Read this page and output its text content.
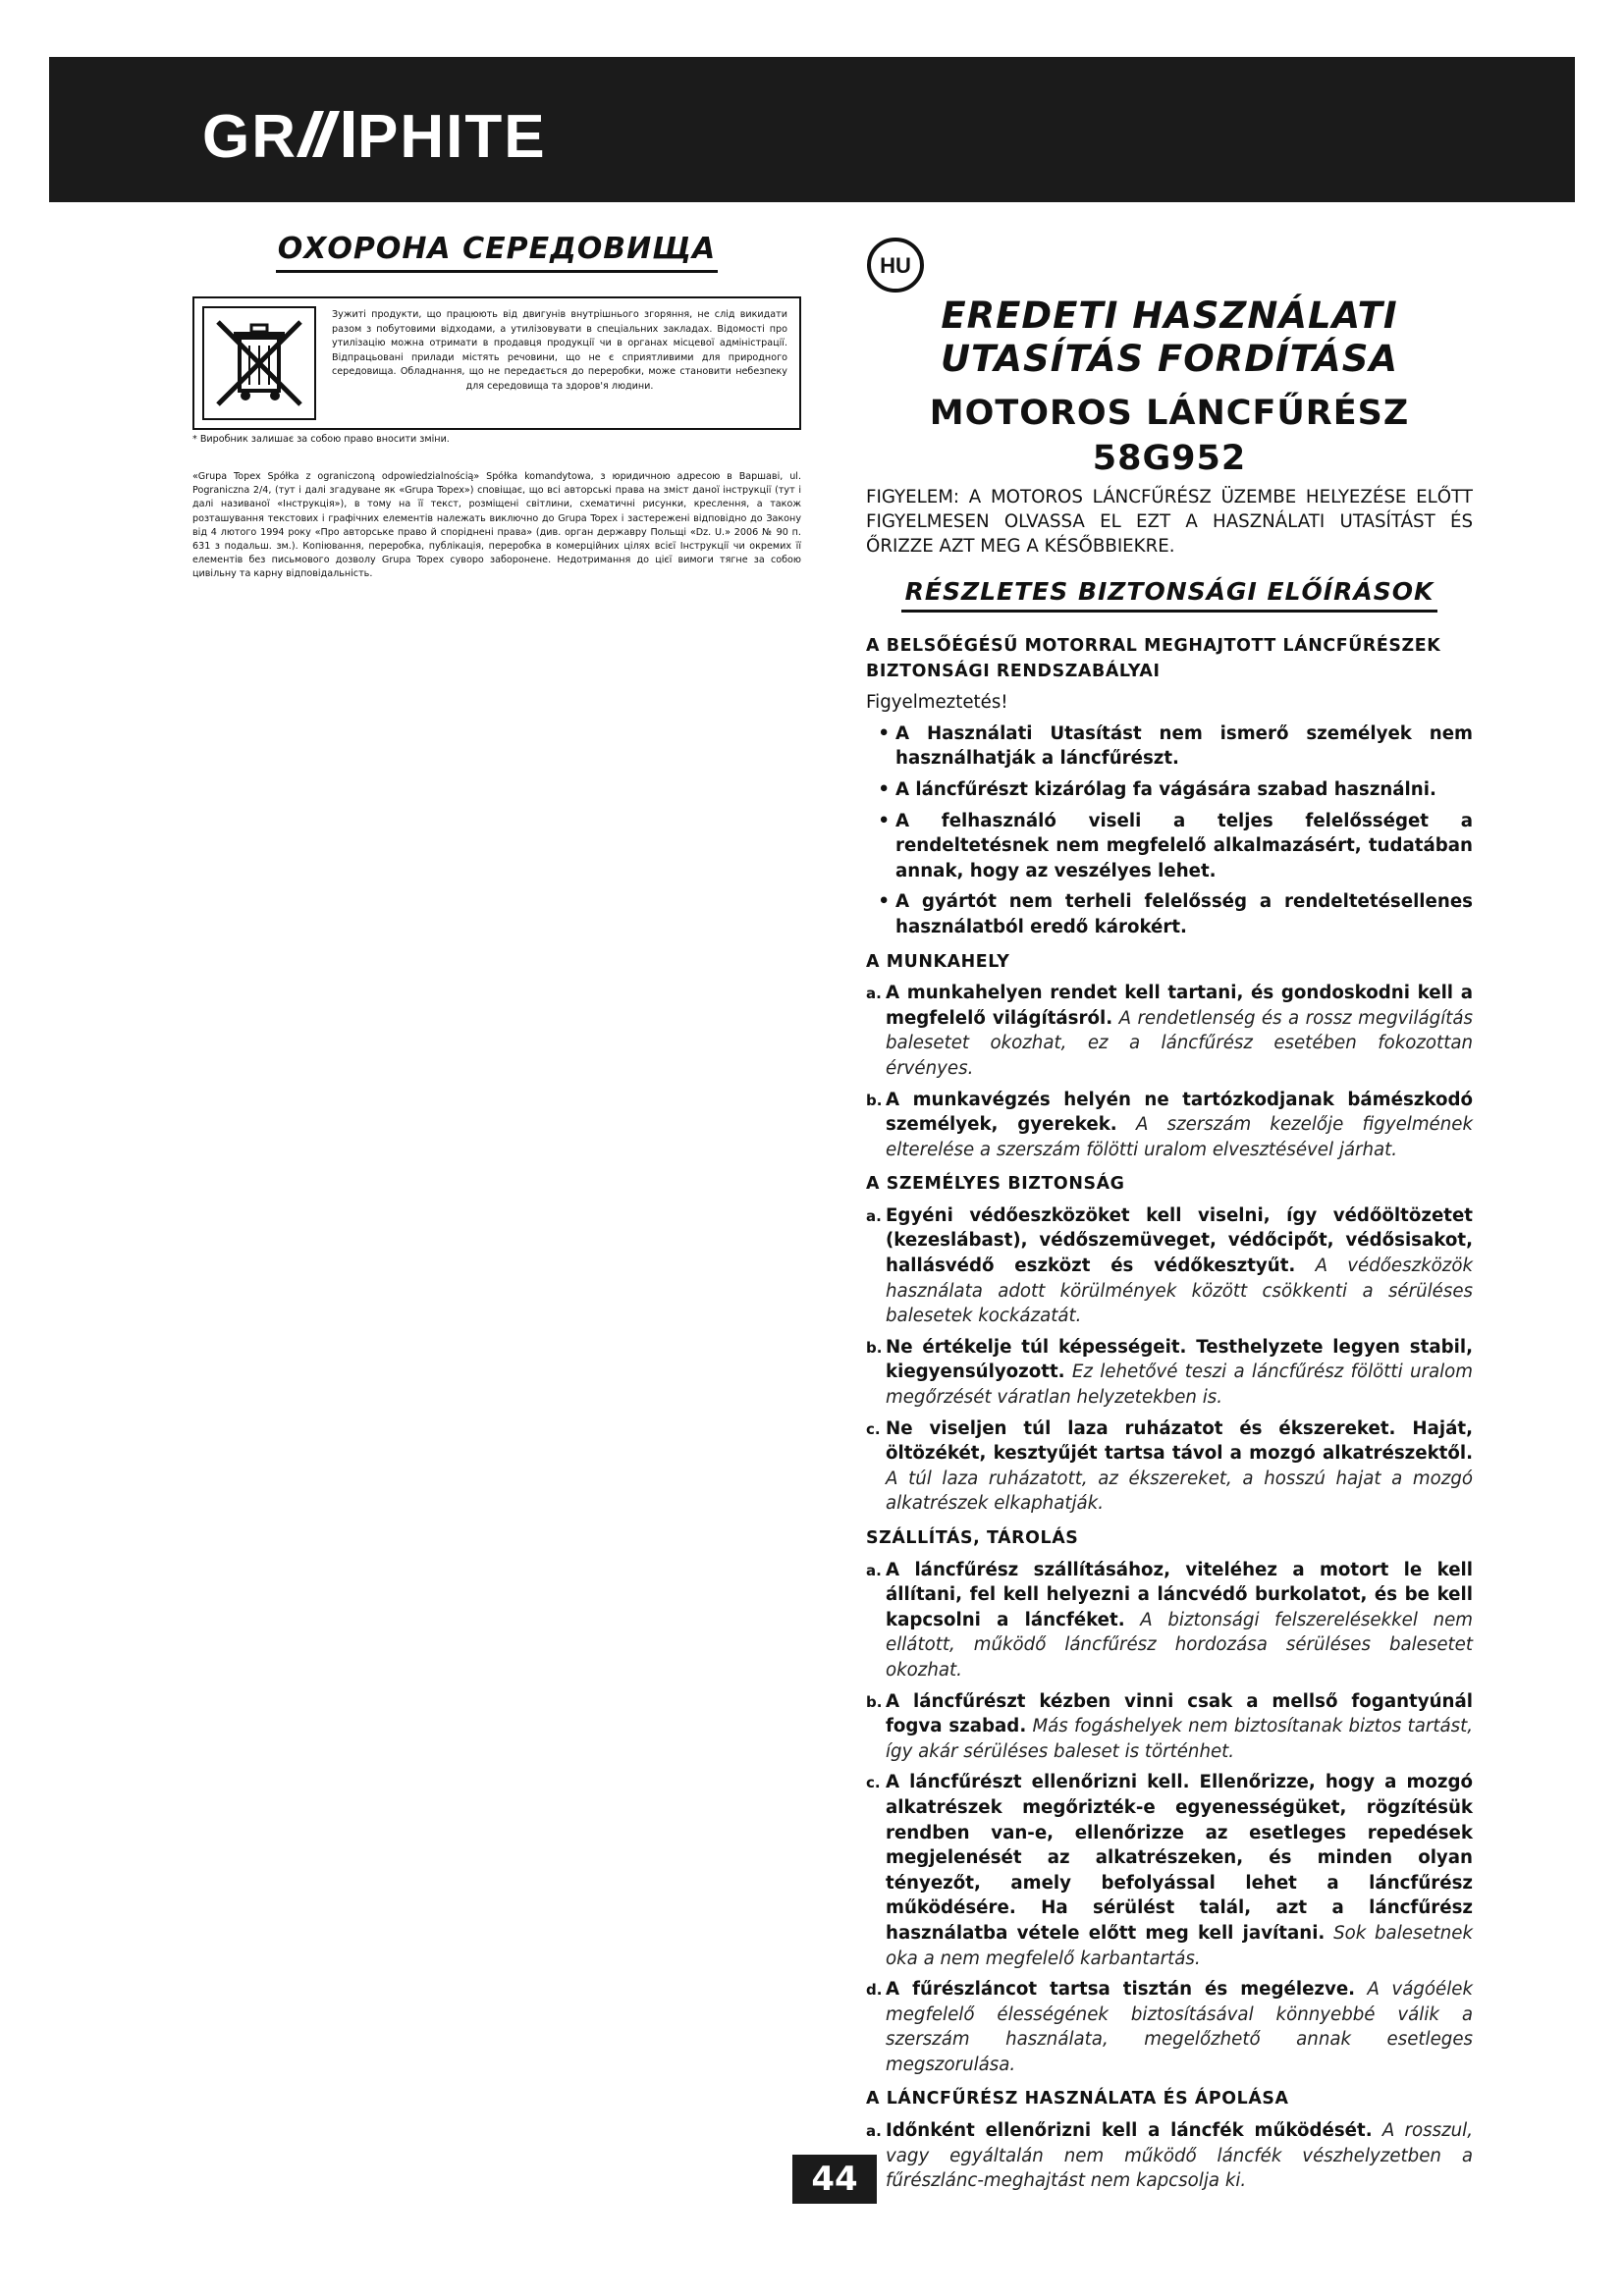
GR PHITE
ОХОРОНА СЕРЕДОВИЩА
Зужиті продукти, що працюють від двигунів внутрішнього згоряння, не слід викидати разом з побутовими відходами, а утилізовувати в спеціальних закладах. Відомості про утилізацію можна отримати в продавця продукції чи в органах місцевої адміністрації. Відпрацьовані прилади містять речовини, що не є сприятливими для природного середовища. Обладнання, що не передається до переробки, може становити небезпеку для середовища та здоров'я людини.
* Виробник залишає за собою право вносити зміни.
«Grupa Topex Spółka z ograniczoną odpowiedzialnością» Spółka komandytowa, з юридичною адресою в Варшаві, ul. Pograniczna 2/4, (тут і далі згадуване як «Grupa Topex») сповіщає, що всі авторські права на зміст даної інструкції (тут і далі називаної «Інструкція»), в тому на її текст, розміщені світлини, схематичні рисунки, креслення, а також розташування текстових і графічних елементів належать виключно до Grupa Topex і застережені відповідно до Закону від 4 лютого 1994 року «Про авторське право й споріднені права» (див. орган державру Польщі «Dz. U.» 2006 № 90 п. 631 з подальш. зм.). Копіювання, переробка, публікація, переробка в комерційних цілях всієї Інструкції чи окремих її елементів без письмового дозволу Grupa Topex суворо заборонене. Недотримання до цієї вимоги тягне за собою цивільну та карну відповідальність.
HU
EREDETI HASZNÁLATI
UTASÍTÁS FORDÍTÁSA
MOTOROS LÁNCFŰRÉSZ
58G952
FIGYELEM: A MOTOROS LÁNCFŰRÉSZ ÜZEMBE HELYEZÉSE ELŐTT FIGYELMESEN OLVASSA EL EZT A HASZNÁLATI UTASÍTÁST ÉS ŐRIZZE AZT MEG A KÉSŐBBIEKRE.
RÉSZLETES BIZTONSÁGI ELŐÍRÁSOK

A BELSŐÉGÉSŰ MOTORRAL MEGHAJTOTT LÁNCFŰRÉSZEK BIZTONSÁGI RENDSZABÁLYAI

Figyelmeztetés!

• A Használati Utasítást nem ismerő személyek nem használhatják a láncfűrészt.
• A láncfűrészt kizárólag fa vágására szabad használni.
• A felhasználó viseli a teljes felelősséget a rendeltetésnek nem megfelelő alkalmazásért, tudatában annak, hogy az veszélyes lehet.
• A gyártót nem terheli felelősség a rendeltetésellenes használatból eredő károkért.

A MUNKAHELY

a. A munkahelyen rendet kell tartani, és gondoskodni kell a megfelelő világításról. A rendetlenség és a rossz megvilágítás balesetet okozhat, ez a láncfűrész esetében fokozottan érvényes.
b. A munkavégzés helyén ne tartózkodjanak bámészkodó személyek, gyerekek. A szerszám kezelője figyelmének elterelése a szerszám fölötti uralom elvesztésével járhat.

A SZEMÉLYES BIZTONSÁG

a. Egyéni védőeszközöket kell viselni, így védőöltözetet (kezeslábast), védőszemüveget, védőcipőt, védősisakot, hallásvédő eszközt és védőkesztyűt. A védőeszközök használata adott körülmények között csökkenti a sérüléses balesetek kockázatát.
b. Ne értékelje túl képességeit. Testhelyzete legyen stabil, kiegyensúlyozott. Ez lehetővé teszi a láncfűrész fölötti uralom megőrzését váratlan helyzetekben is.
c. Ne viseljen túl laza ruházatot és ékszereket. Haját, öltözékét, kesztyűjét tartsa távol a mozgó alkatrészektől. A túl laza ruházatott, az ékszereket, a hosszú hajat a mozgó alkatrészek elkaphatják.

SZÁLLÍTÁS, TÁROLÁS

a. A láncfűrész szállításához, viteléhez a motort le kell állítani, fel kell helyezni a láncvédő burkolatot, és be kell kapcsolni a láncféket. A biztonsági felszerelésekkel nem ellátott, működő láncfűrész hordozása sérüléses balesetet okozhat.
b. A láncfűrészt kézben vinni csak a mellső fogantyúnál fogva szabad. Más fogáshelyek nem biztosítanak biztos tartást, így akár sérüléses baleset is történhet.
c. A láncfűrészt ellenőrizni kell. Ellenőrizze, hogy a mozgó alkatrészek megőrizték-e egyenességüket, rögzítésük rendben van-e, ellenőrizze az esetleges repedések megjelenését az alkatrészeken, és minden olyan tényezőt, amely befolyással lehet a láncfűrész működésére. Ha sérülést talál, azt a láncfűrész használatba vétele előtt meg kell javítani. Sok balesetnek oka a nem megfelelő karbantartás.
d. A fűrészláncot tartsa tisztán és megélezve. A vágóélek megfelelő élességének biztosításával könnyebbé válik a szerszám használata, megelőzhető annak esetleges megszorulása.

A LÁNCFŰRÉSZ HASZNÁLATA ÉS ÁPOLÁSA

a. Időnként ellenőrizni kell a láncfék működését. A rosszul, vagy egyáltalán nem működő láncfék vészhelyzetben a fűrészlánc-meghajtást nem kapcsolja ki.
44
